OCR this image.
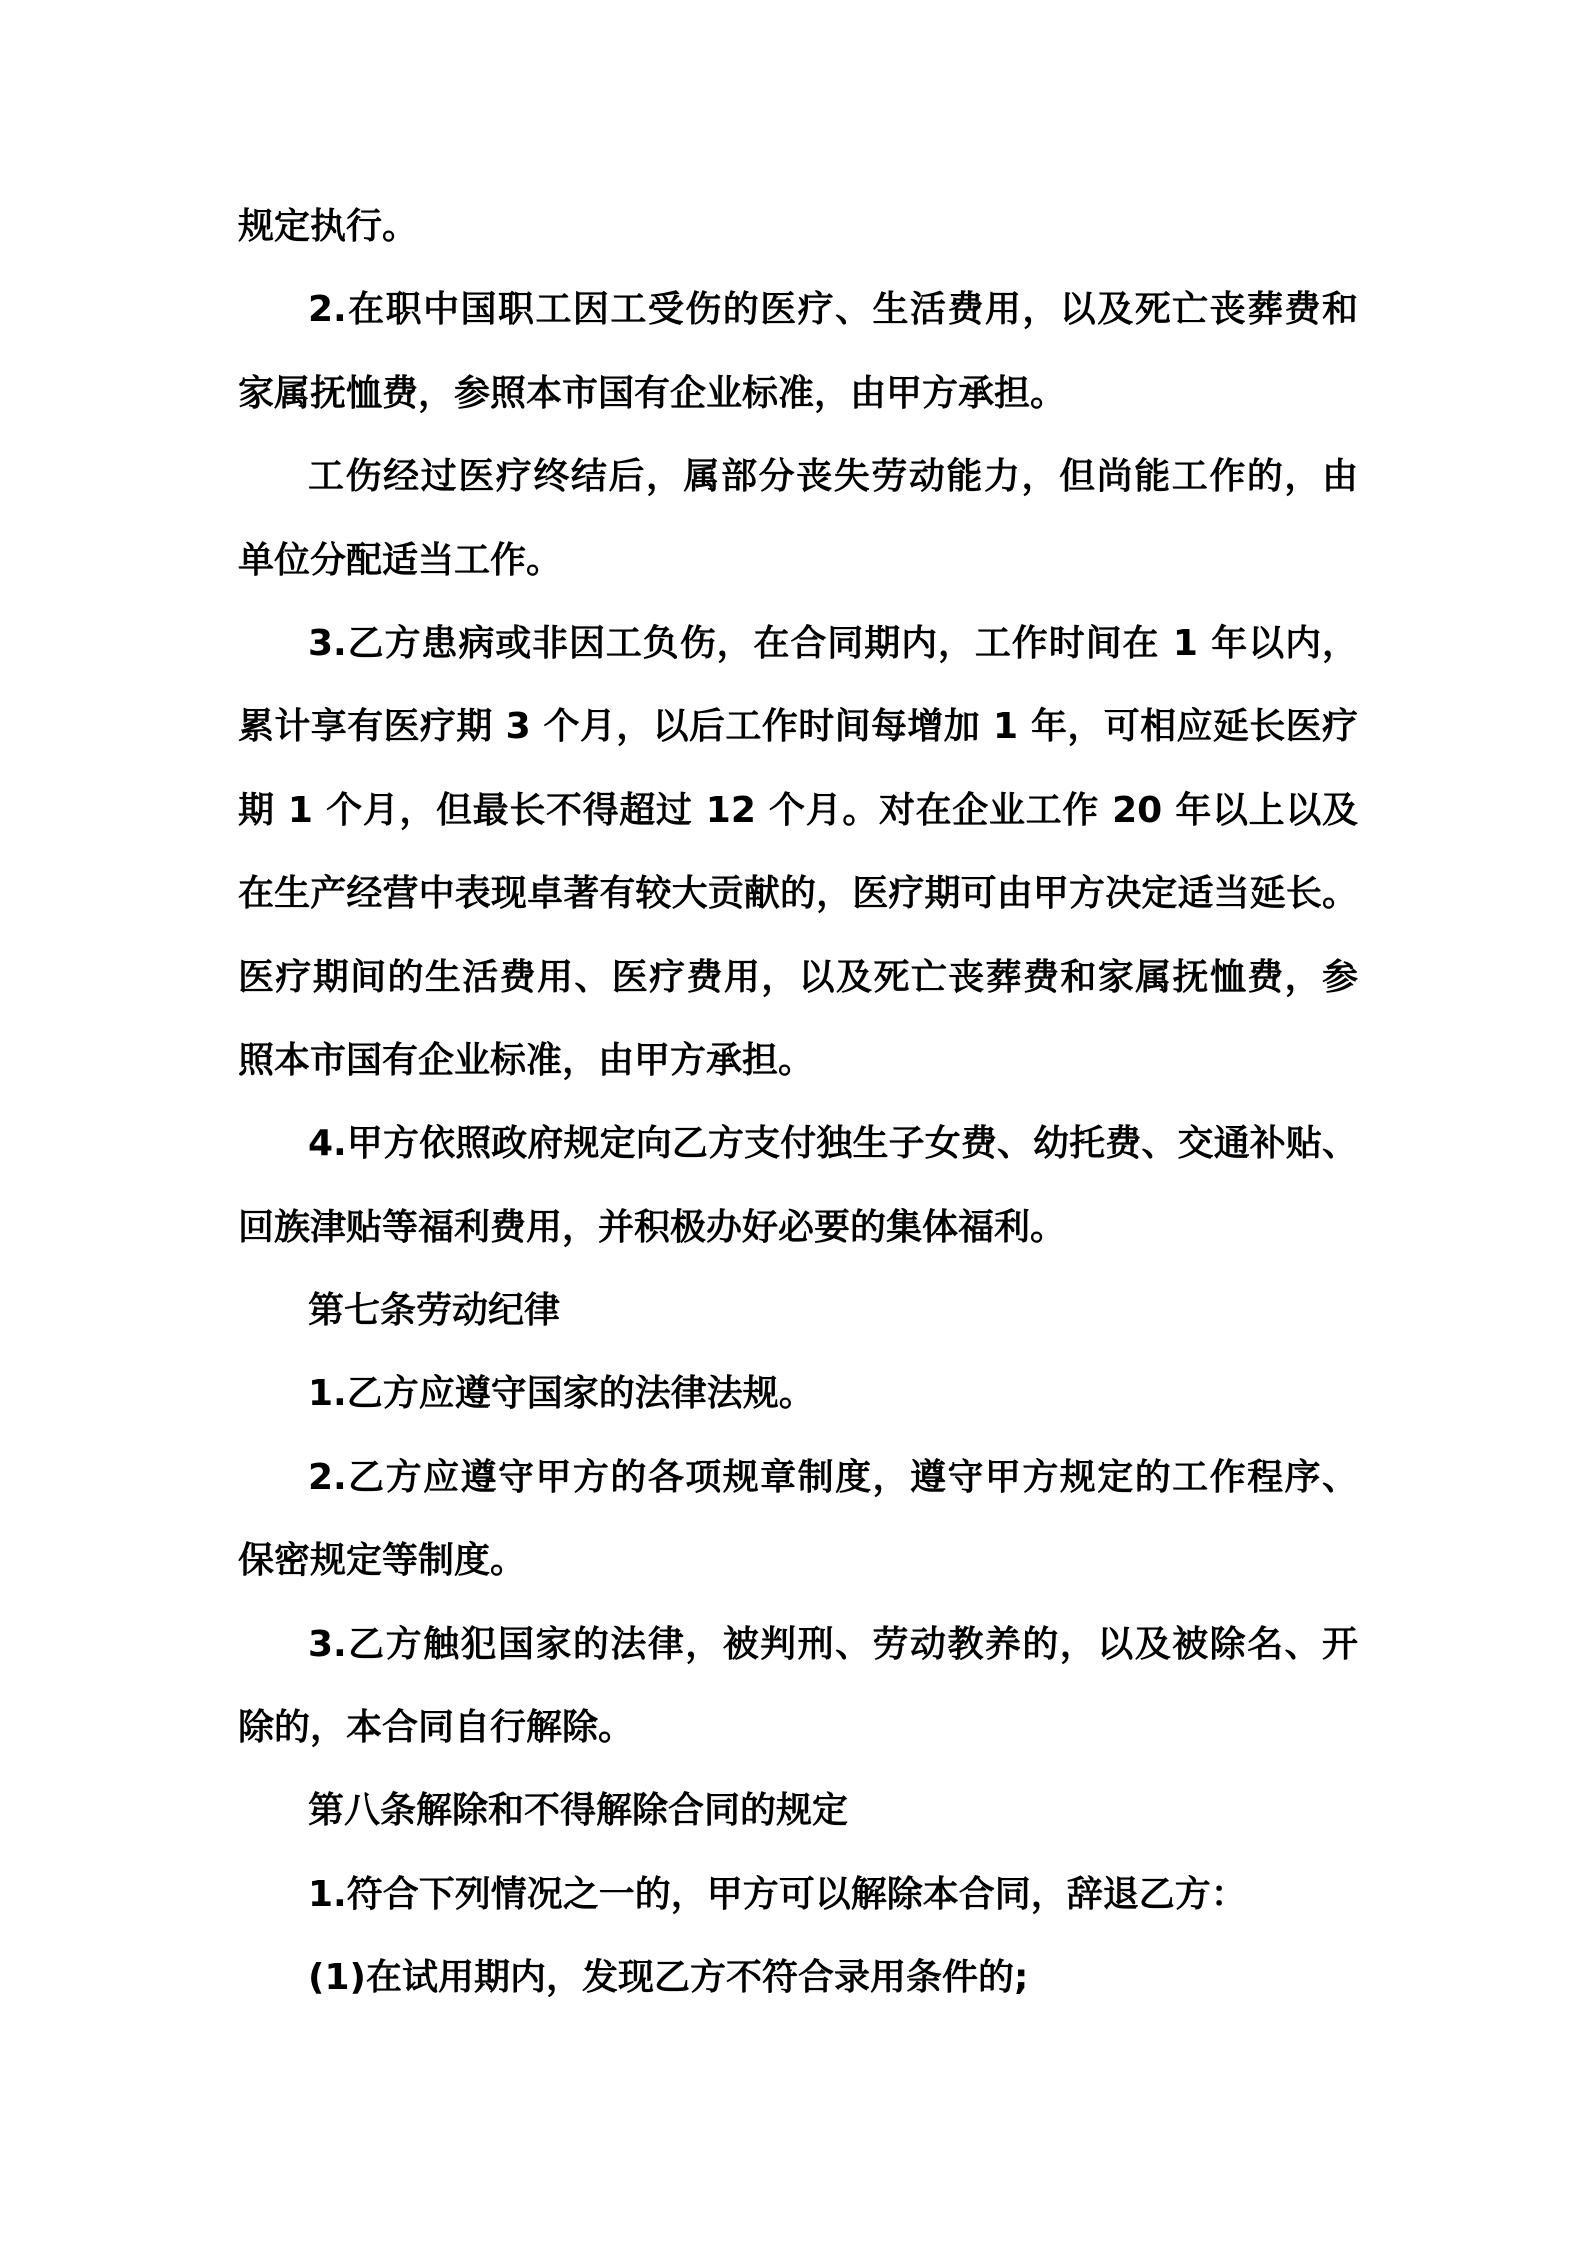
规定执行。
2.在职中国职工因工受伤的医疗、生活费用，以及死亡丧葬费和
家属抚恤费，参照本市国有企业标准，由甲方承担。
工伤经过医疗终结后，属部分丧失劳动能力，但尚能工作的，由
单位分配适当工作。
3.乙方患病或非因工负伤，在合同期内，工作时间在 1 年以内，
累计享有医疗期 3 个月，以后工作时间每增加 1 年，可相应延长医疗
期 1 个月，但最长不得超过 12 个月。对在企业工作 20 年以上以及
在生产经营中表现卓著有较大贡献的，医疗期可由甲方决定适当延长。
医疗期间的生活费用、医疗费用，以及死亡丧葬费和家属抚恤费，参
照本市国有企业标准，由甲方承担。
4.甲方依照政府规定向乙方支付独生子女费、幼托费、交通补贴、
回族津贴等福利费用，并积极办好必要的集体福利。
第七条劳动纪律
1.乙方应遵守国家的法律法规。
2.乙方应遵守甲方的各项规章制度，遵守甲方规定的工作程序、
保密规定等制度。
3.乙方触犯国家的法律，被判刑、劳动教养的，以及被除名、开
除的，本合同自行解除。
第八条解除和不得解除合同的规定
1.符合下列情况之一的，甲方可以解除本合同，辞退乙方：
(1)在试用期内，发现乙方不符合录用条件的;
